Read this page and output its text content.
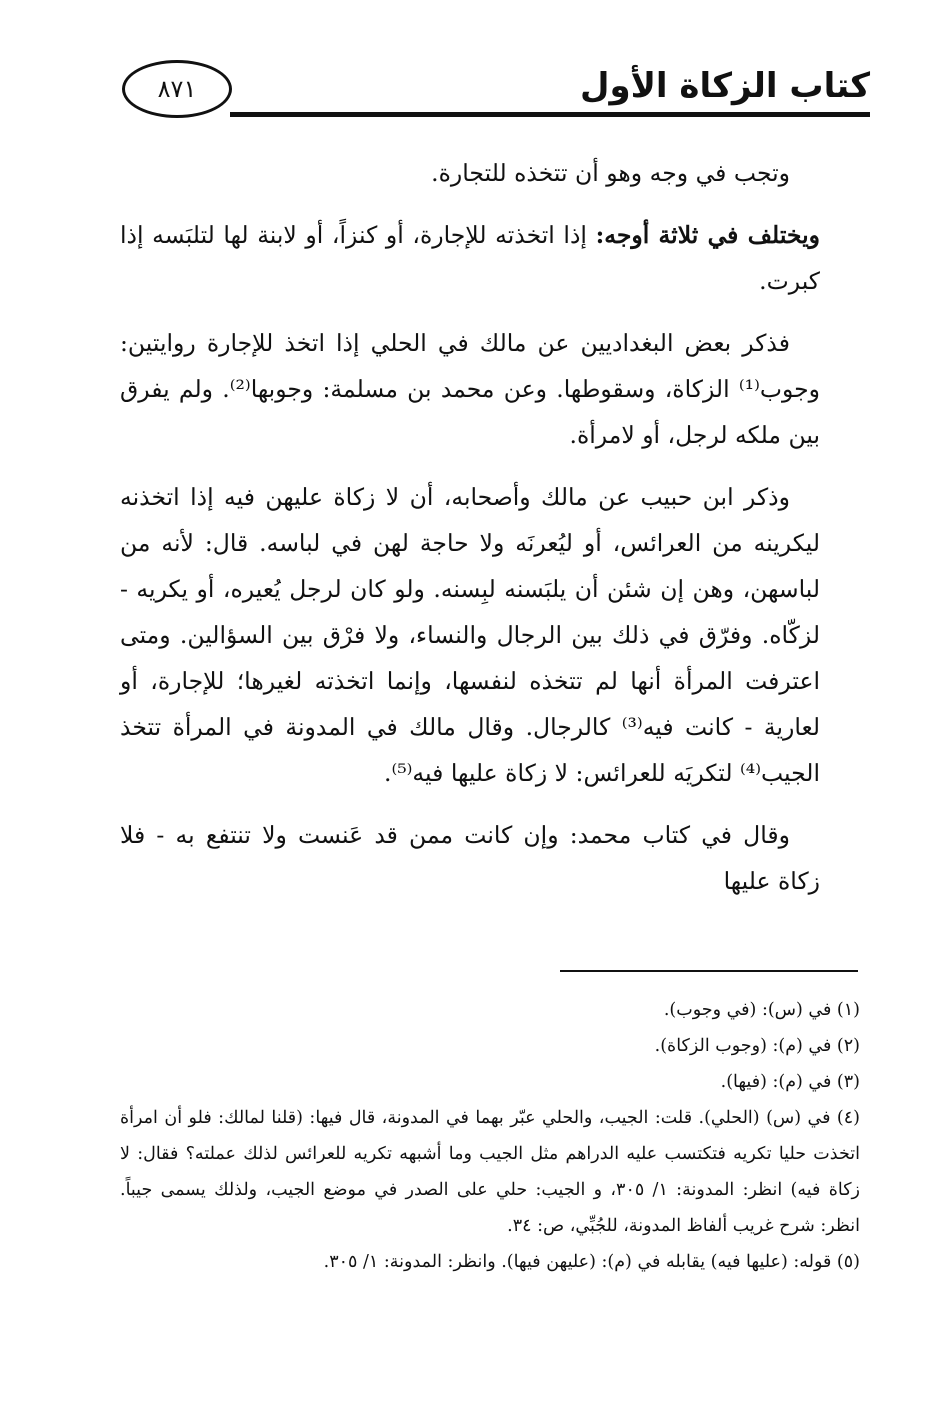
٨٧١	كتاب الزكاة الأول

وتجب في وجه وهو أن تتخذه للتجارة.

ويختلف في ثلاثة أوجه: إذا اتخذته للإجارة، أو كنزاً، أو لابنة لها لتلبَسه إذا كبرت.

فذكر بعض البغداديين عن مالك في الحلي إذا اتخذ للإجارة روايتين: وجوب⁽¹⁾ الزكاة، وسقوطها. وعن محمد بن مسلمة: وجوبها⁽²⁾. ولم يفرق بين ملكه لرجل، أو لامرأة.

وذكر ابن حبيب عن مالك وأصحابه، أن لا زكاة عليهن فيه إذا اتخذنه ليكرينه من العرائس، أو ليُعرنَه ولا حاجة لهن في لباسه. قال: لأنه من لباسهن، وهن إن شئن أن يلبَسنه لبِسنه. ولو كان لرجل يُعيره، أو يكريه - لزكّاه. وفرّق في ذلك بين الرجال والنساء، ولا فرْق بين السؤالين. ومتى اعترفت المرأة أنها لم تتخذه لنفسها، وإنما اتخذته لغيرها؛ للإجارة، أو لعارية - كانت فيه⁽³⁾ كالرجال. وقال مالك في المدونة في المرأة تتخذ الجيب⁽⁴⁾ لتكريَه للعرائس: لا زكاة عليها فيه⁽⁵⁾.

وقال في كتاب محمد: وإن كانت ممن قد عَنست ولا تنتفع به - فلا زكاة عليها

(١) في (س): (في وجوب).

(٢) في (م): (وجوب الزكاة).

(٣) في (م): (فيها).

(٤) في (س) (الحلي). قلت: الجيب، والحلي عبّر بهما في المدونة، قال فيها: (قلنا لمالك: فلو أن امرأة اتخذت حليا تكريه فتكتسب عليه الدراهم مثل الجيب وما أشبهه تكريه للعرائس لذلك عملته؟ فقال: لا زكاة فيه) انظر: المدونة: ١/ ٣٠٥، و الجيب: حلي على الصدر في موضع الجيب، ولذلك يسمى جيباً. انظر: شرح غريب ألفاظ المدونة، للجُبِّي، ص: ٣٤.

(٥) قوله: (عليها فيه) يقابله في (م): (عليهن فيها). وانظر: المدونة: ١/ ٣٠٥.
